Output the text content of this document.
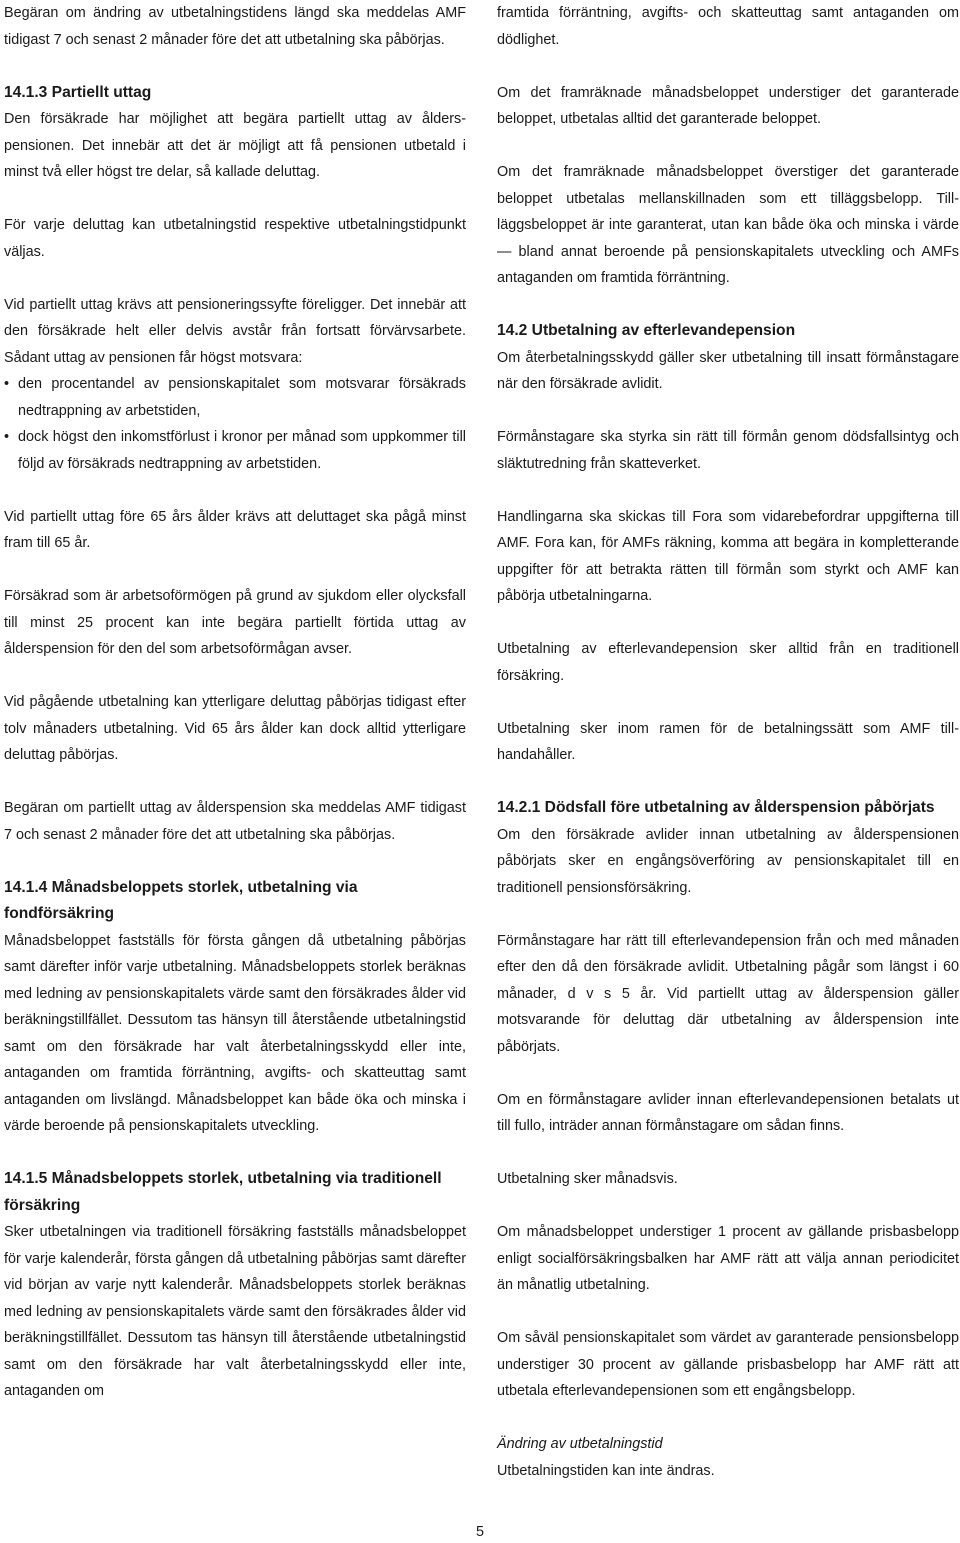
Begäran om ändring av utbetalningstidens längd ska meddelas AMF tidigast 7 och senast 2 månader före det att utbetalning ska påbörjas.

14.1.3 Partiellt uttag

Den försäkrade har möjlighet att begära partiellt uttag av ålderspensionen. Det innebär att det är möjligt att få pensionen utbetald i minst två eller högst tre delar, så kallade deluttag.

För varje deluttag kan utbetalningstid respektive utbetalningstidpunkt väljas.

Vid partiellt uttag krävs att pensioneringssyfte föreligger. Det innebär att den försäkrade helt eller delvis avstår från fortsatt förvärvsarbete. Sådant uttag av pensionen får högst motsvara:

• den procentandel av pensionskapitalet som motsvarar försäkrads nedtrappning av arbetstiden,
• dock högst den inkomstförlust i kronor per månad som uppkommer till följd av försäkrads nedtrappning av arbetstiden.

Vid partiellt uttag före 65 års ålder krävs att deluttaget ska pågå minst fram till 65 år.

Försäkrad som är arbetsoförmögen på grund av sjukdom eller olycksfall till minst 25 procent kan inte begära partiellt förtida uttag av ålderspension för den del som arbetsoförmågan avser.

Vid pågående utbetalning kan ytterligare deluttag påbörjas tidigast efter tolv månaders utbetalning. Vid 65 års ålder kan dock alltid ytterligare deluttag påbörjas.

Begäran om partiellt uttag av ålderspension ska meddelas AMF tidigast 7 och senast 2 månader före det att utbetalning ska påbörjas.

14.1.4 Månadsbeloppets storlek, utbetalning via fondförsäkring

Månadsbeloppet fastställs för första gången då utbetalning påbörjas samt därefter inför varje utbetalning. Månadsbeloppets storlek beräknas med ledning av pensionskapitalets värde samt den försäkrades ålder vid beräkningstillfället. Dessutom tas hänsyn till återstående utbetalningstid samt om den försäkrade har valt återbetalningsskydd eller inte, antaganden om framtida förräntning, avgifts- och skatteuttag samt antaganden om livslängd. Månadsbeloppet kan både öka och minska i värde beroende på pensionskapitalets utveckling.

14.1.5 Månadsbeloppets storlek, utbetalning via traditionell försäkring

Sker utbetalningen via traditionell försäkring fastställs månadsbeloppet för varje kalenderår, första gången då utbetalning påbörjas samt därefter vid början av varje nytt kalenderår. Månadsbeloppets storlek beräknas med ledning av pensionskapitalets värde samt den försäkrades ålder vid beräkningstillfället. Dessutom tas hänsyn till återstående utbetalningstid samt om den försäkrade har valt återbetalningsskydd eller inte, antaganden om

framtida förräntning, avgifts- och skatteuttag samt antaganden om dödlighet.

Om det framräknade månadsbeloppet understiger det garanterade beloppet, utbetalas alltid det garanterade beloppet.

Om det framräknade månadsbeloppet överstiger det garanterade beloppet utbetalas mellanskillnaden som ett tilläggsbelopp. Tillläggsbeloppet är inte garanterat, utan kan både öka och minska i värde — bland annat beroende på pensionskapitalets utveckling och AMFs antaganden om framtida förräntning.

14.2 Utbetalning av efterlevandepension

Om återbetalningsskydd gäller sker utbetalning till insatt förmånstagare när den försäkrade avlidit.

Förmånstagare ska styrka sin rätt till förmån genom dödsfallsintyg och släktutredning från skatteverket.

Handlingarna ska skickas till Fora som vidarebefordrar uppgifterna till AMF. Fora kan, för AMFs räkning, komma att begära in kompletterande uppgifter för att betrakta rätten till förmån som styrkt och AMF kan påbörja utbetalningarna.

Utbetalning av efterlevandepension sker alltid från en traditionell försäkring.

Utbetalning sker inom ramen för de betalningssätt som AMF tillhandahåller.

14.2.1 Dödsfall före utbetalning av ålderspension påbörjats

Om den försäkrade avlider innan utbetalning av ålderspensionen påbörjats sker en engångsöverföring av pensionskapitalet till en traditionell pensionsförsäkring.

Förmånstagare har rätt till efterlevandepension från och med månaden efter den då den försäkrade avlidit. Utbetalning pågår som längst i 60 månader, d v s 5 år. Vid partiellt uttag av ålderspension gäller motsvarande för deluttag där utbetalning av ålderspension inte påbörjats.

Om en förmånstagare avlider innan efterlevandepensionen betalats ut till fullo, inträder annan förmånstagare om sådan finns.

Utbetalning sker månadsvis.

Om månadsbeloppet understiger 1 procent av gällande prisbasbelopp enligt socialförsäkringsbalken har AMF rätt att välja annan periodicitet än månatlig utbetalning.

Om såväl pensionskapitalet som värdet av garanterade pensionsbelopp understiger 30 procent av gällande prisbasbelopp har AMF rätt att utbetala efterlevandepensionen som ett engångsbelopp.

Ändring av utbetalningstid

Utbetalningstiden kan inte ändras.

5
